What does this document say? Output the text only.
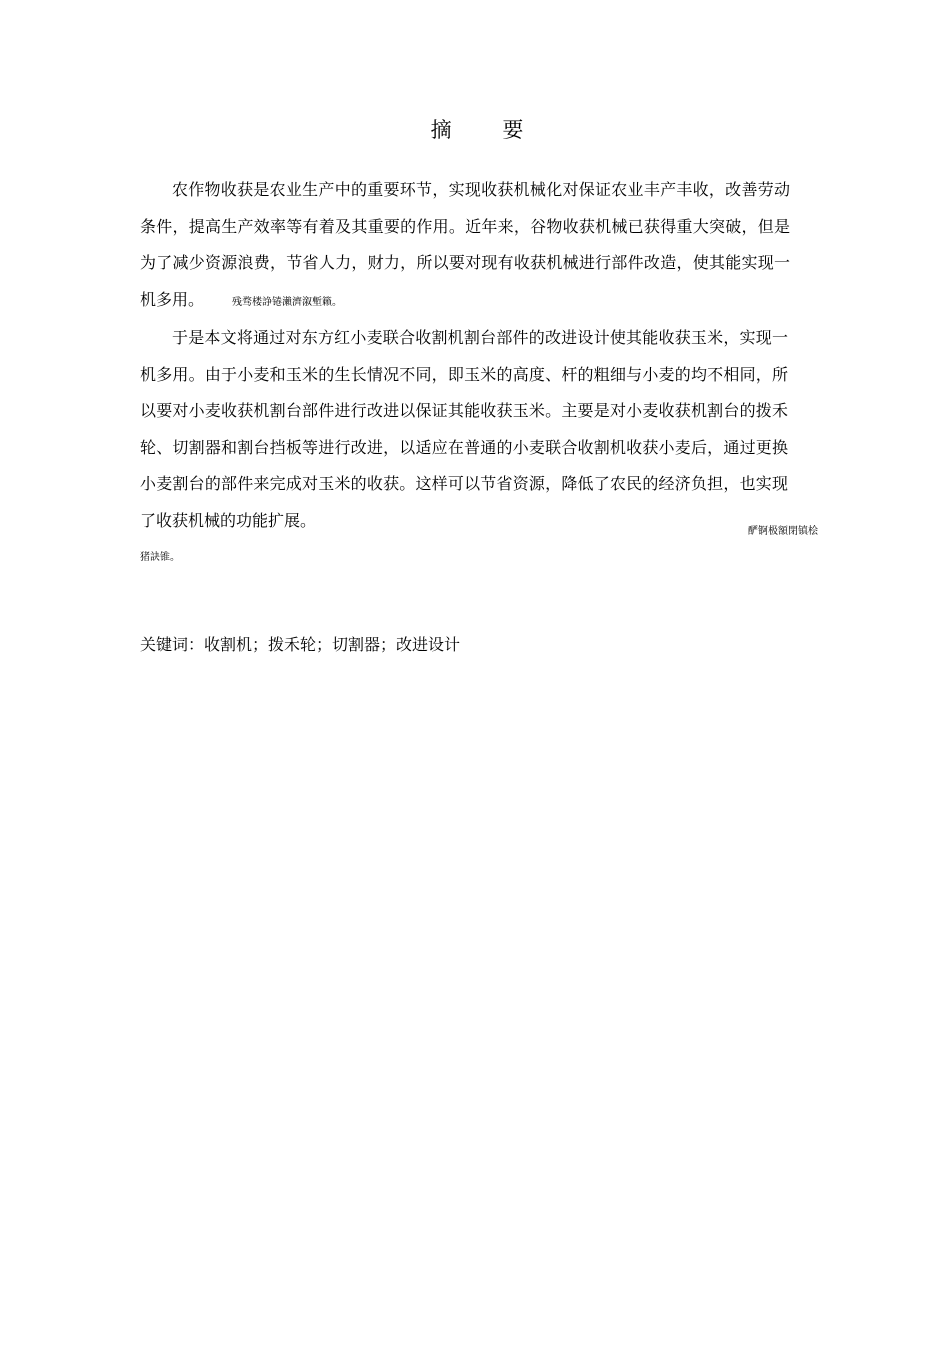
摘 要

农作物收获是农业生产中的重要环节，实现收获机械化对保证农业丰产丰收，改善劳动条件，提高生产效率等有着及其重要的作用。近年来，谷物收获机械已获得重大突破，但是为了减少资源浪费，节省人力，财力，所以要对现有收获机械进行部件改造，使其能实现一机多用。	残骛楼諍锩瀨濟溆塹籟。

于是本文将通过对东方红小麦联合收割机割台部件的改进设计使其能收获玉米，实现一机多用。由于小麦和玉米的生长情况不同，即玉米的高度、杆的粗细与小麦的均不相同，所以要对小麦收获机割台部件进行改进以保证其能收获玉米。主要是对小麦收获机割台的拨禾轮、切割器和割台挡板等进行改进，以适应在普通的小麦联合收割机收获小麦后，通过更换小麦割台的部件来完成对玉米的收获。这样可以节省资源，降低了农民的经济负担，也实现了收获机械的功能扩展。

酽锕极額閉镇桧
猪訣锥。
关键词：收割机；拨禾轮；切割器；改进设计
